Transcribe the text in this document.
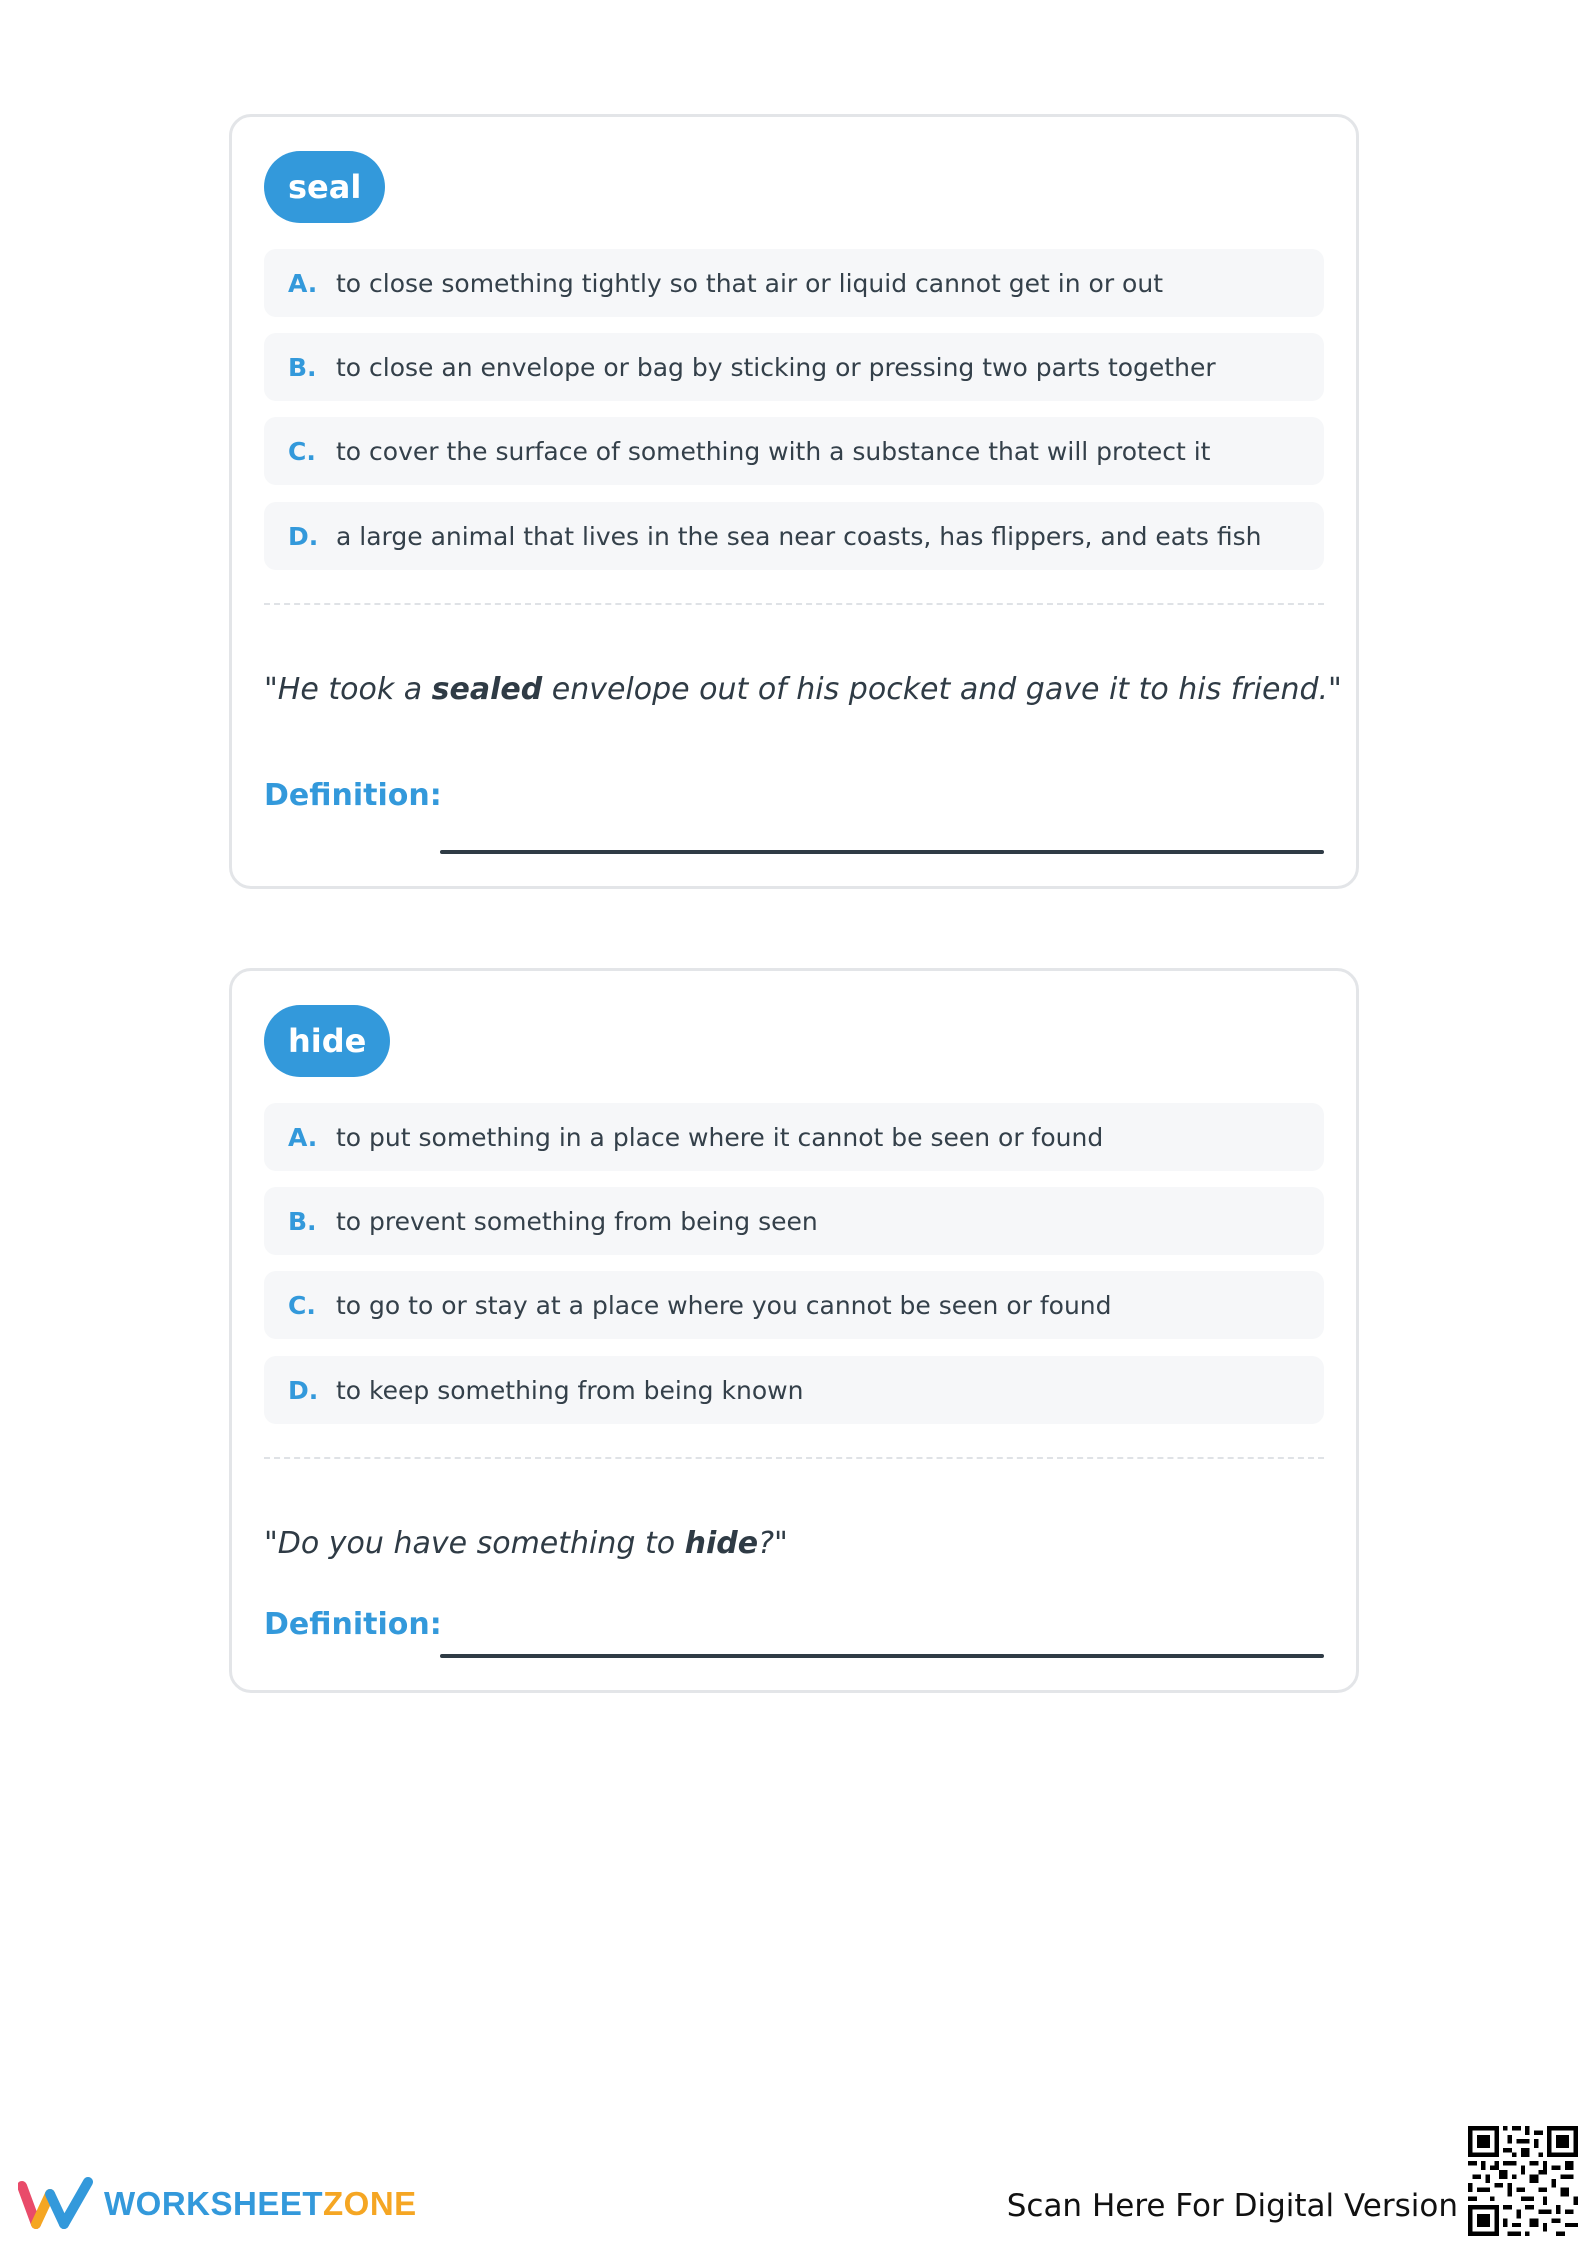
seal
A. to close something tightly so that air or liquid cannot get in or out
B. to close an envelope or bag by sticking or pressing two parts together
C. to cover the surface of something with a substance that will protect it
D. a large animal that lives in the sea near coasts, has flippers, and eats fish
"He took a sealed envelope out of his pocket and gave it to his friend."
Definition:
hide
A. to put something in a place where it cannot be seen or found
B. to prevent something from being seen
C. to go to or stay at a place where you cannot be seen or found
D. to keep something from being known
"Do you have something to hide?"
Definition:
WORKSHEETZONE	Scan Here For Digital Version
